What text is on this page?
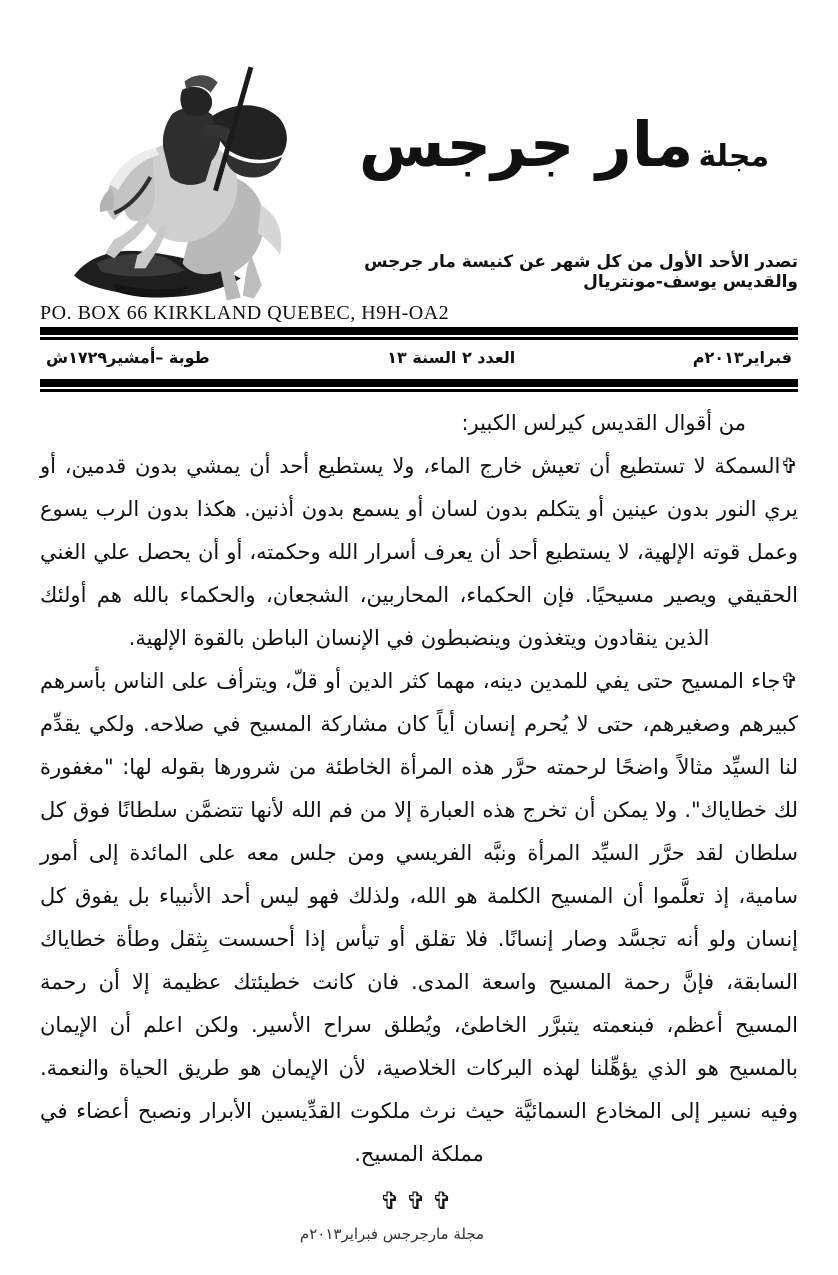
مجلة مار جرجس
تصدر الأحد الأول من كل شهر عن كنيسة مار جرجس والقديس يوسف-مونتريال
PO. BOX 66 KIRKLAND QUEBEC, H9H-OA2
فبراير٢٠١٣م
العدد ٢ السنة ١٣
طوبة –أمشير١٧٢٩ش
من أقوال القديس كيرلس الكبير:

✞السمكة لا تستطيع أن تعيش خارج الماء، ولا يستطيع أحد أن يمشي بدون قدمين، أو يري النور بدون عينين أو يتكلم بدون لسان أو يسمع بدون أذنين. هكذا بدون الرب يسوع وعمل قوته الإلهية، لا يستطيع أحد أن يعرف أسرار الله وحكمته، أو أن يحصل علي الغني الحقيقي ويصير مسيحيًا. فإن الحكماء، المحاربين، الشجعان، والحكماء بالله هم أولئك الذين ينقادون ويتغذون وينضبطون في الإنسان الباطن بالقوة الإلهية.

✞جاء المسيح حتى يفي للمدين دينه، مهما كثر الدين أو قلّ، ويترأف على الناس بأسرهم كبيرهم وصغيرهم، حتى لا يُحرم إنسان أياً كان مشاركة المسيح في صلاحه. ولكي يقدِّم لنا السيِّد مثالاً واضحًا لرحمته حرَّر هذه المرأة الخاطئة من شرورها بقوله لها: "مغفورة لك خطاياك". ولا يمكن أن تخرج هذه العبارة إلا من فم الله لأنها تتضمَّن سلطانًا فوق كل سلطان لقد حرَّر السيِّد المرأة ونبَّه الفريسي ومن جلس معه على المائدة إلى أمور سامية، إذ تعلَّموا أن المسيح الكلمة هو الله، ولذلك فهو ليس أحد الأنبياء بل يفوق كل إنسان ولو أنه تجسَّد وصار إنسانًا. فلا تقلق أو تيأس إذا أحسست بِثقل وطأة خطاياك السابقة، فإنَّ رحمة المسيح واسعة المدى. فان كانت خطيئتك عظيمة إلا أن رحمة المسيح أعظم، فبنعمته يتبرَّر الخاطئ، ويُطلق سراح الأسير. ولكن اعلم أن الإيمان بالمسيح هو الذي يؤهِّلنا لهذه البركات الخلاصية، لأن الإيمان هو طريق الحياة والنعمة. وفيه نسير إلى المخادع السمائيَّة حيث نرث ملكوت القدِّيسين الأبرار ونصبح أعضاء في مملكة المسيح.

✞✞✞
مجلة مارجرجس فبراير٢٠١٣م
